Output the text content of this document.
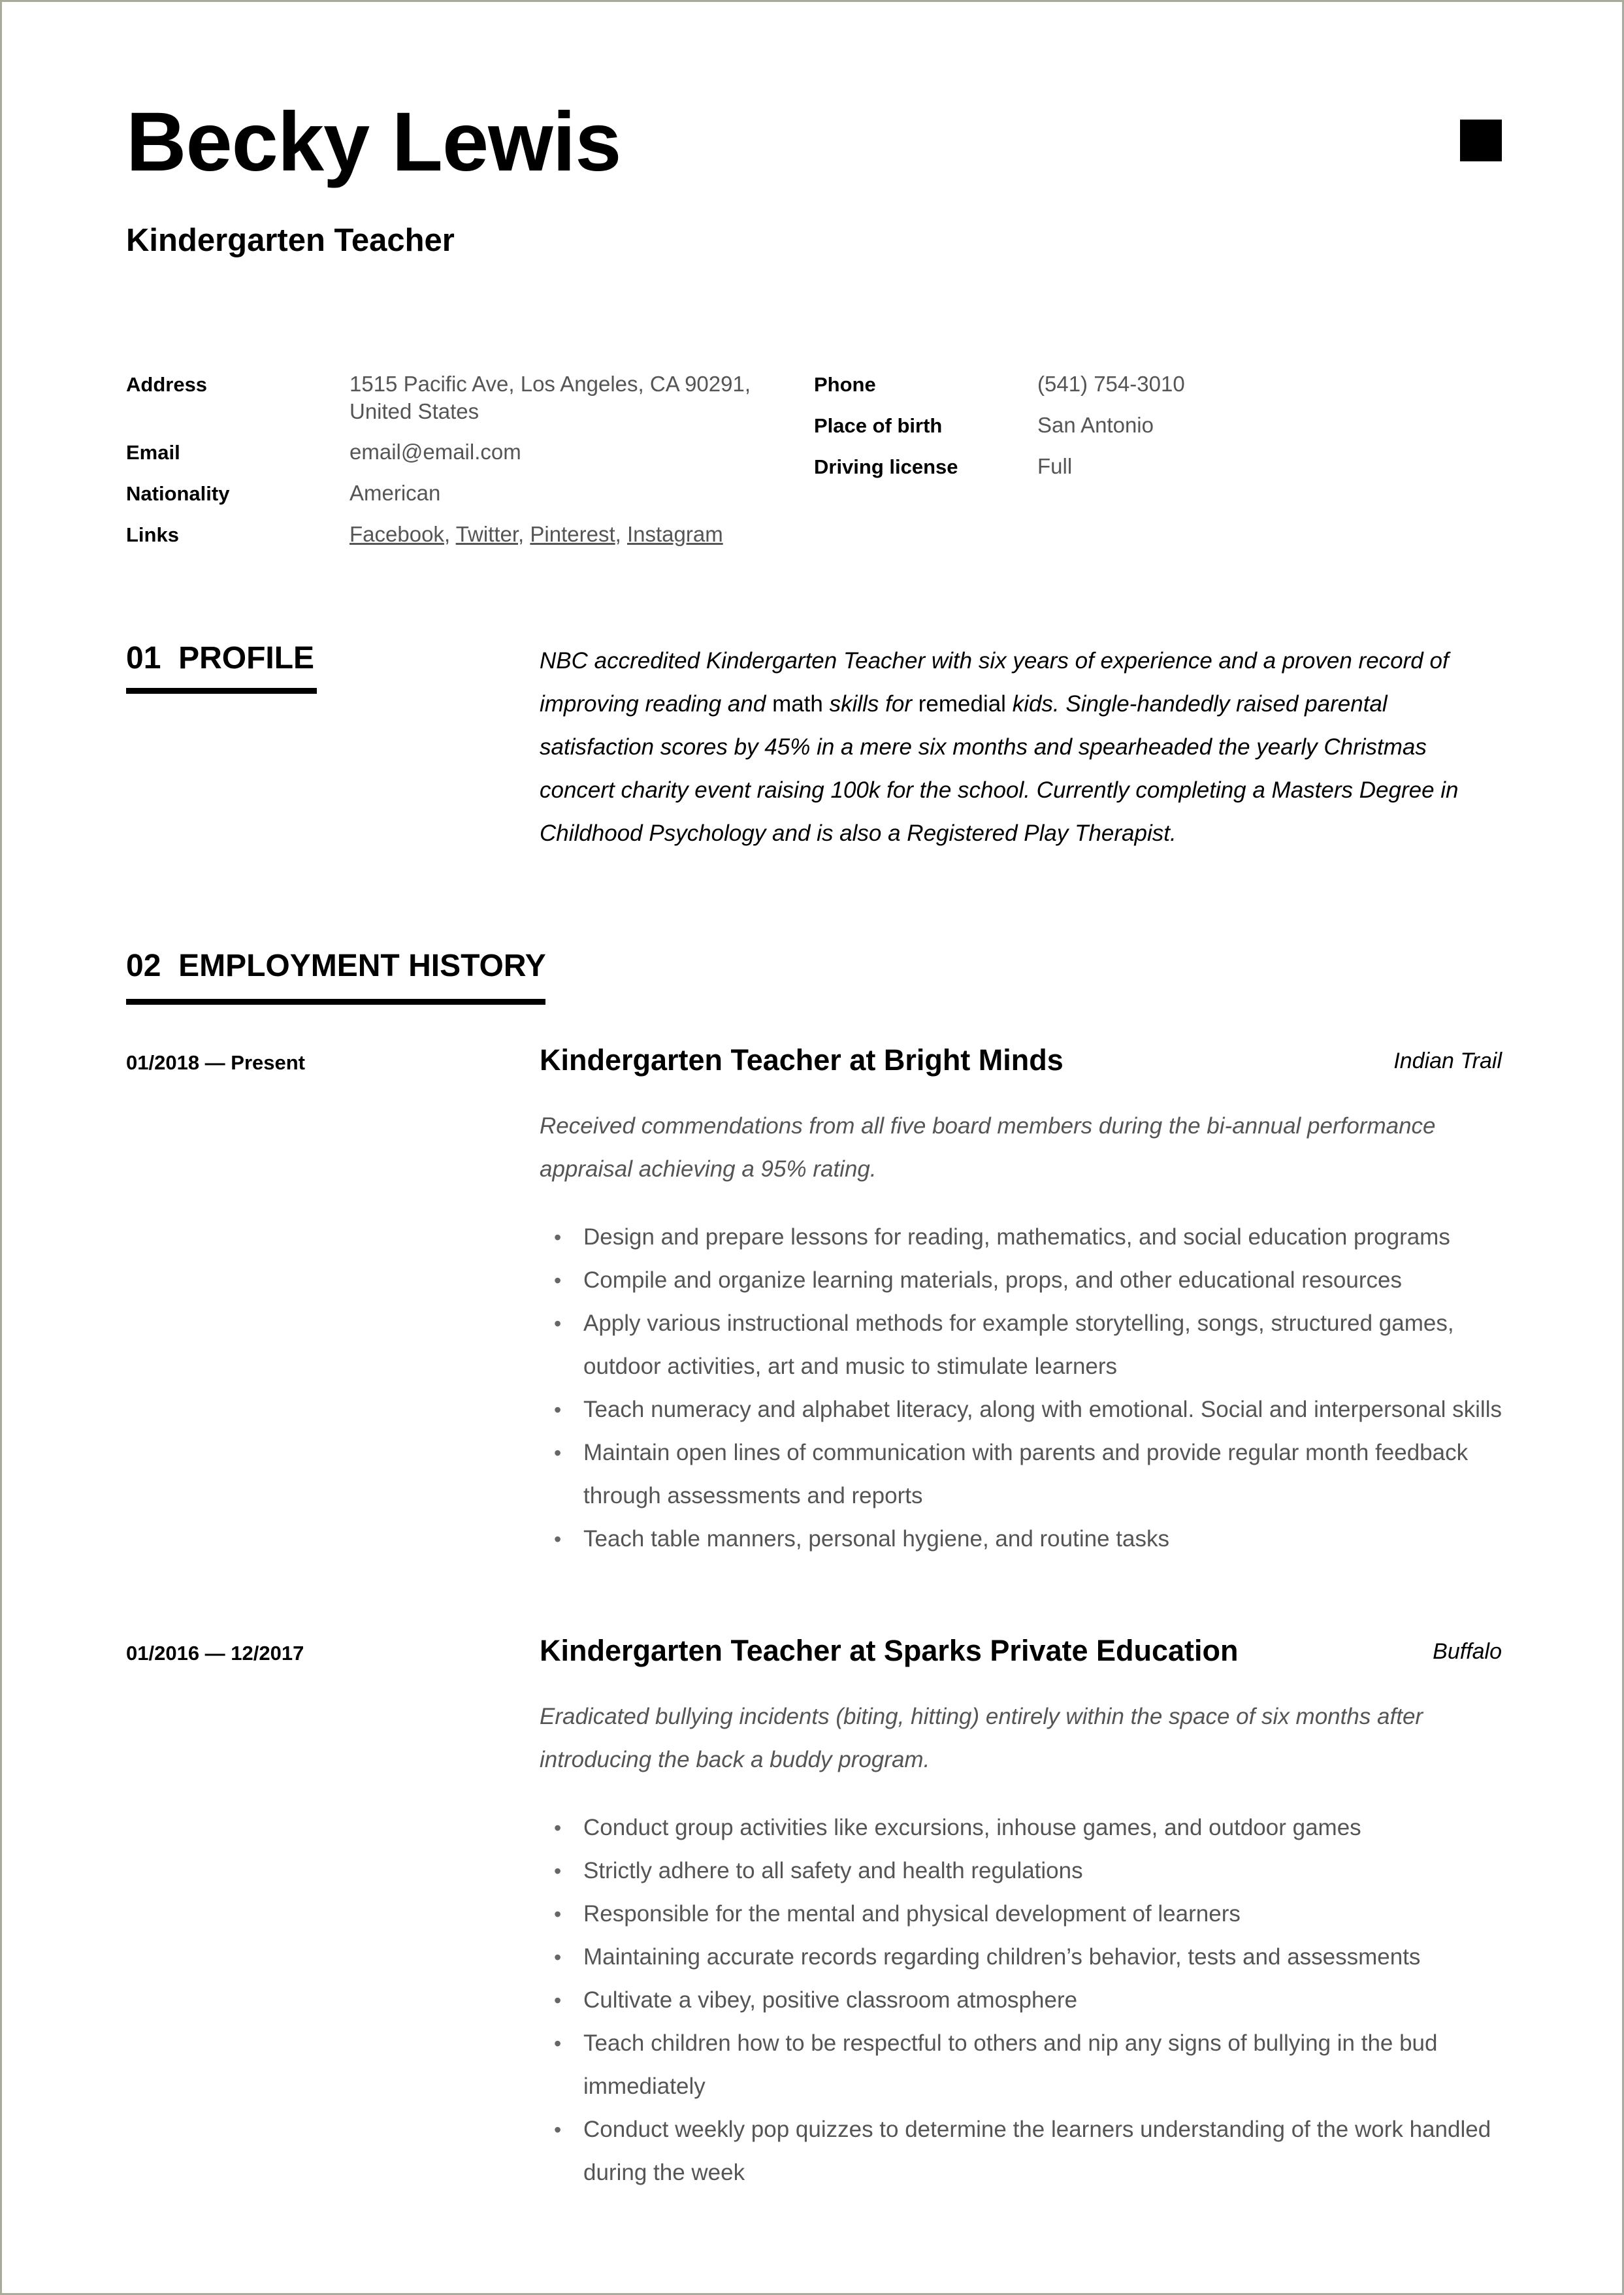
Becky Lewis
Kindergarten Teacher
Address	1515 Pacific Ave, Los Angeles, CA 90291,
United States
Email	email@email.com
Nationality	American
Links	Facebook, Twitter, Pinterest, Instagram
Phone	(541) 754-3010
Place of birth	San Antonio
Driving license	Full
01 PROFILE	NBC accredited Kindergarten Teacher with six years of experience and a proven record of improving reading and math skills for remedial kids. Single-handedly raised parental satisfaction scores by 45% in a mere six months and spearheaded the yearly Christmas concert charity event raising 100k for the school. Currently completing a Masters Degree in Childhood Psychology and is also a Registered Play Therapist.
02 EMPLOYMENT HISTORY
01/2018 — Present	Kindergarten Teacher at Bright Minds	Indian Trail
Received commendations from all five board members during the bi-annual performance appraisal achieving a 95% rating.
• Design and prepare lessons for reading, mathematics, and social education programs
• Compile and organize learning materials, props, and other educational resources
• Apply various instructional methods for example storytelling, songs, structured games, outdoor activities, art and music to stimulate learners
• Teach numeracy and alphabet literacy, along with emotional. Social and interpersonal skills
• Maintain open lines of communication with parents and provide regular month feedback through assessments and reports
• Teach table manners, personal hygiene, and routine tasks
01/2016 — 12/2017	Kindergarten Teacher at Sparks Private Education	Buffalo
Eradicated bullying incidents (biting, hitting) entirely within the space of six months after introducing the back a buddy program.
• Conduct group activities like excursions, inhouse games, and outdoor games
• Strictly adhere to all safety and health regulations
• Responsible for the mental and physical development of learners
• Maintaining accurate records regarding children’s behavior, tests and assessments
• Cultivate a vibey, positive classroom atmosphere
• Teach children how to be respectful to others and nip any signs of bullying in the bud immediately
• Conduct weekly pop quizzes to determine the learners understanding of the work handled during the week
